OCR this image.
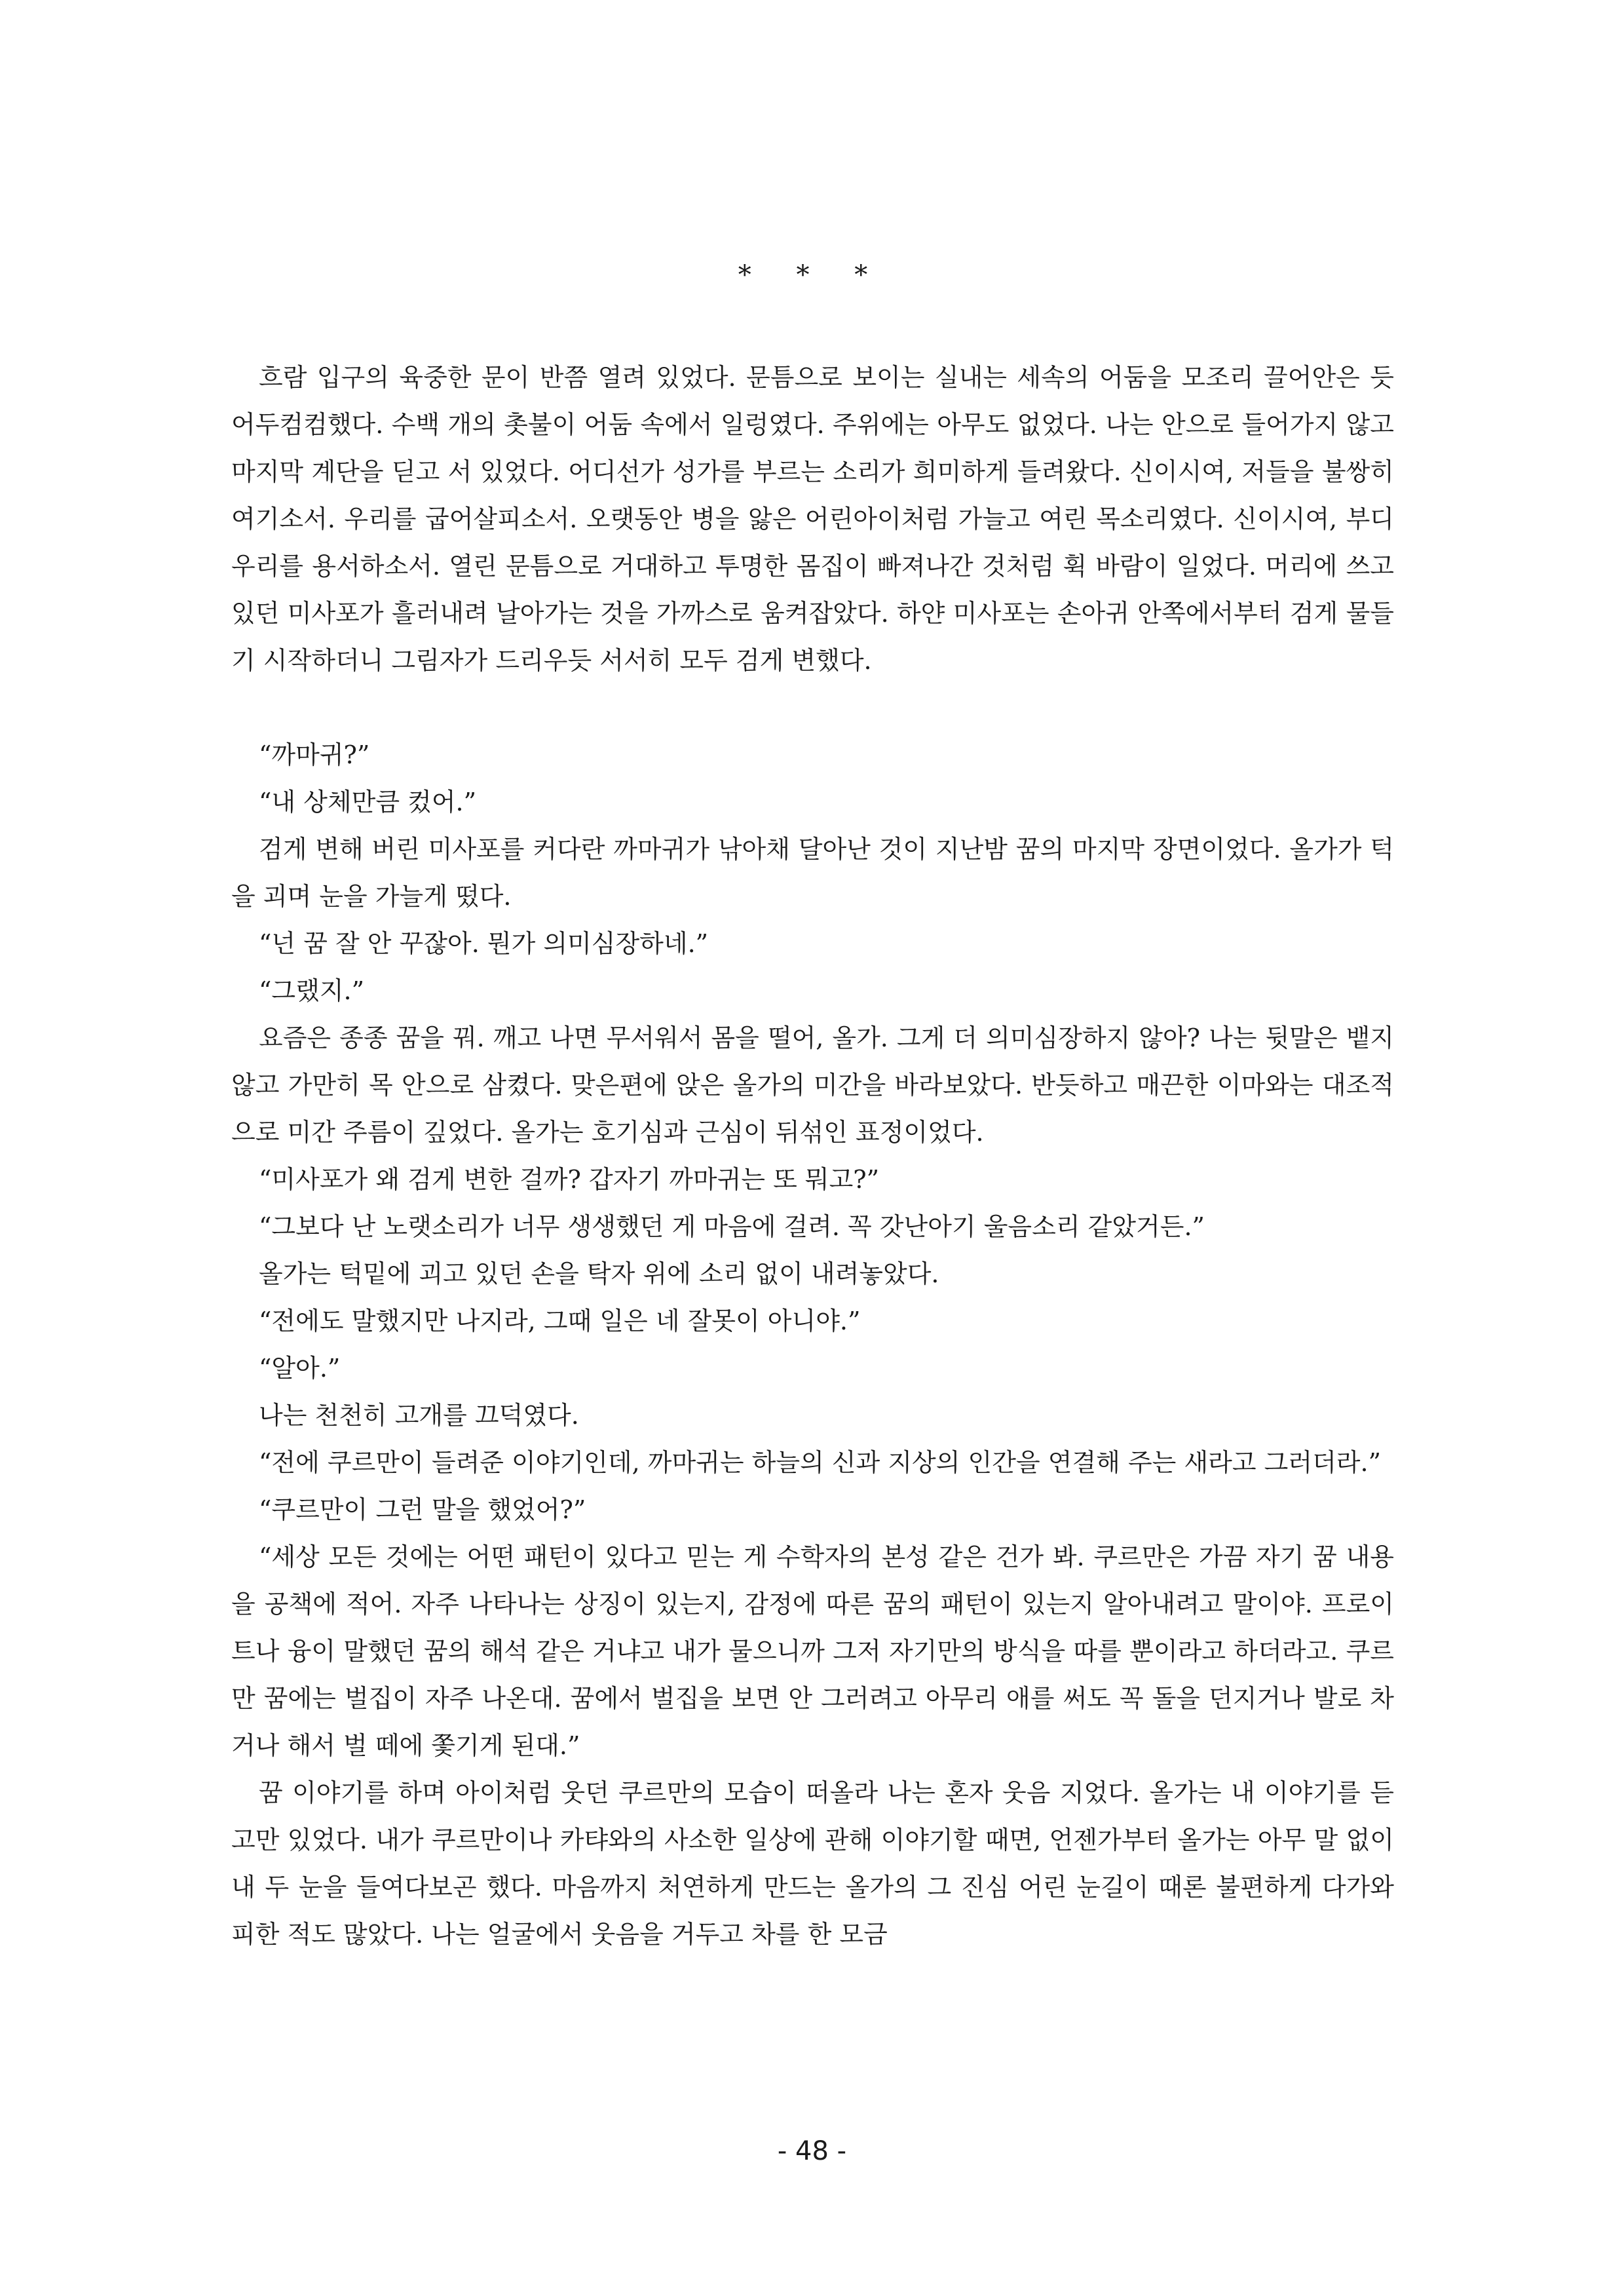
* * *

흐람 입구의 육중한 문이 반쯤 열려 있었다. 문틈으로 보이는 실내는 세속의 어둠을 모조리 끌어안은 듯 어두컴컴했다. 수백 개의 촛불이 어둠 속에서 일렁였다. 주위에는 아무도 없었다. 나는 안으로 들어가지 않고 마지막 계단을 딛고 서 있었다. 어디선가 성가를 부르는 소리가 희미하게 들려왔다. 신이시여, 저들을 불쌍히 여기소서. 우리를 굽어살피소서. 오랫동안 병을 앓은 어린아이처럼 가늘고 여린 목소리였다. 신이시여, 부디 우리를 용서하소서. 열린 문틈으로 거대하고 투명한 몸집이 빠져나간 것처럼 휙 바람이 일었다. 머리에 쓰고 있던 미사포가 흘러내려 날아가는 것을 가까스로 움켜잡았다. 하얀 미사포는 손아귀 안쪽에서부터 검게 물들기 시작하더니 그림자가 드리우듯 서서히 모두 검게 변했다.

“까마귀?”

“내 상체만큼 컸어.”

검게 변해 버린 미사포를 커다란 까마귀가 낚아채 달아난 것이 지난밤 꿈의 마지막 장면이었다. 올가가 턱을 괴며 눈을 가늘게 떴다.

“넌 꿈 잘 안 꾸잖아. 뭔가 의미심장하네.”

“그랬지.”

요즘은 종종 꿈을 꿔. 깨고 나면 무서워서 몸을 떨어, 올가. 그게 더 의미심장하지 않아? 나는 뒷말은 뱉지 않고 가만히 목 안으로 삼켰다. 맞은편에 앉은 올가의 미간을 바라보았다. 반듯하고 매끈한 이마와는 대조적으로 미간 주름이 깊었다. 올가는 호기심과 근심이 뒤섞인 표정이었다.

“미사포가 왜 검게 변한 걸까? 갑자기 까마귀는 또 뭐고?”

“그보다 난 노랫소리가 너무 생생했던 게 마음에 걸려. 꼭 갓난아기 울음소리 같았거든.”

올가는 턱밑에 괴고 있던 손을 탁자 위에 소리 없이 내려놓았다.

“전에도 말했지만 나지라, 그때 일은 네 잘못이 아니야.”

“알아.”

나는 천천히 고개를 끄덕였다.

“전에 쿠르만이 들려준 이야기인데, 까마귀는 하늘의 신과 지상의 인간을 연결해 주는 새라고 그러더라.”

“쿠르만이 그런 말을 했었어?”

“세상 모든 것에는 어떤 패턴이 있다고 믿는 게 수학자의 본성 같은 건가 봐. 쿠르만은 가끔 자기 꿈 내용을 공책에 적어. 자주 나타나는 상징이 있는지, 감정에 따른 꿈의 패턴이 있는지 알아내려고 말이야. 프로이트나 융이 말했던 꿈의 해석 같은 거냐고 내가 물으니까 그저 자기만의 방식을 따를 뿐이라고 하더라고. 쿠르만 꿈에는 벌집이 자주 나온대. 꿈에서 벌집을 보면 안 그러려고 아무리 애를 써도 꼭 돌을 던지거나 발로 차거나 해서 벌 떼에 쫓기게 된대.”

꿈 이야기를 하며 아이처럼 웃던 쿠르만의 모습이 떠올라 나는 혼자 웃음 지었다. 올가는 내 이야기를 듣고만 있었다. 내가 쿠르만이나 카탸와의 사소한 일상에 관해 이야기할 때면, 언젠가부터 올가는 아무 말 없이 내 두 눈을 들여다보곤 했다. 마음까지 처연하게 만드는 올가의 그 진심 어린 눈길이 때론 불편하게 다가와 피한 적도 많았다. 나는 얼굴에서 웃음을 거두고 차를 한 모금

- 48 -
